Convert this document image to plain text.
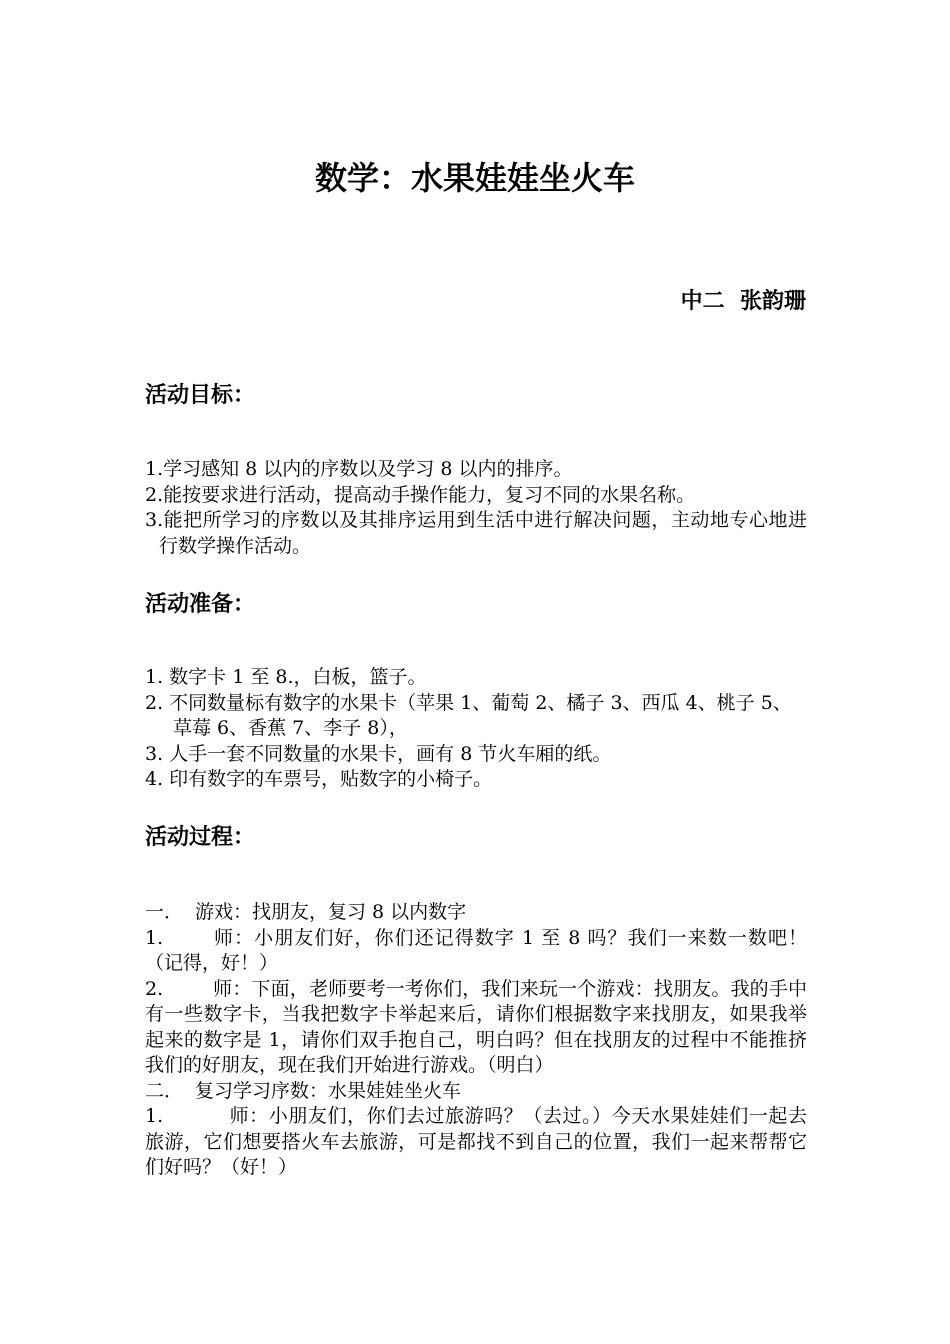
数学：水果娃娃坐火车
中二  张韵珊
活动目标：

1.学习感知 8 以内的序数以及学习 8 以内的排序。

2.能按要求进行活动，提高动手操作能力，复习不同的水果名称。

3.能把所学习的序数以及其排序运用到生活中进行解决问题，主动地专心地进行数学操作活动。

活动准备：

1. 数字卡 1 至 8.，白板，篮子。

2. 不同数量标有数字的水果卡（苹果 1、葡萄 2、橘子 3、西瓜 4、桃子 5、草莓 6、香蕉 7、李子 8），

3. 人手一套不同数量的水果卡，画有 8 节火车厢的纸。

4. 印有数字的车票号，贴数字的小椅子。

活动过程：

一． 游戏：找朋友，复习 8 以内数字

1.	师：小朋友们好，你们还记得数字 1 至 8 吗？我们一来数一数吧！（记得，好！）

2.	师：下面，老师要考一考你们，我们来玩一个游戏：找朋友。我的手中有一些数字卡，当我把数字卡举起来后，请你们根据数字来找朋友，如果我举起来的数字是 1，请你们双手抱自己，明白吗？但在找朋友的过程中不能推挤我们的好朋友，现在我们开始进行游戏。（明白）

二． 复习学习序数：水果娃娃坐火车

1.	师：小朋友们，你们去过旅游吗？（去过。）今天水果娃娃们一起去旅游，它们想要搭火车去旅游，可是都找不到自己的位置，我们一起来帮帮它们好吗？（好！）
